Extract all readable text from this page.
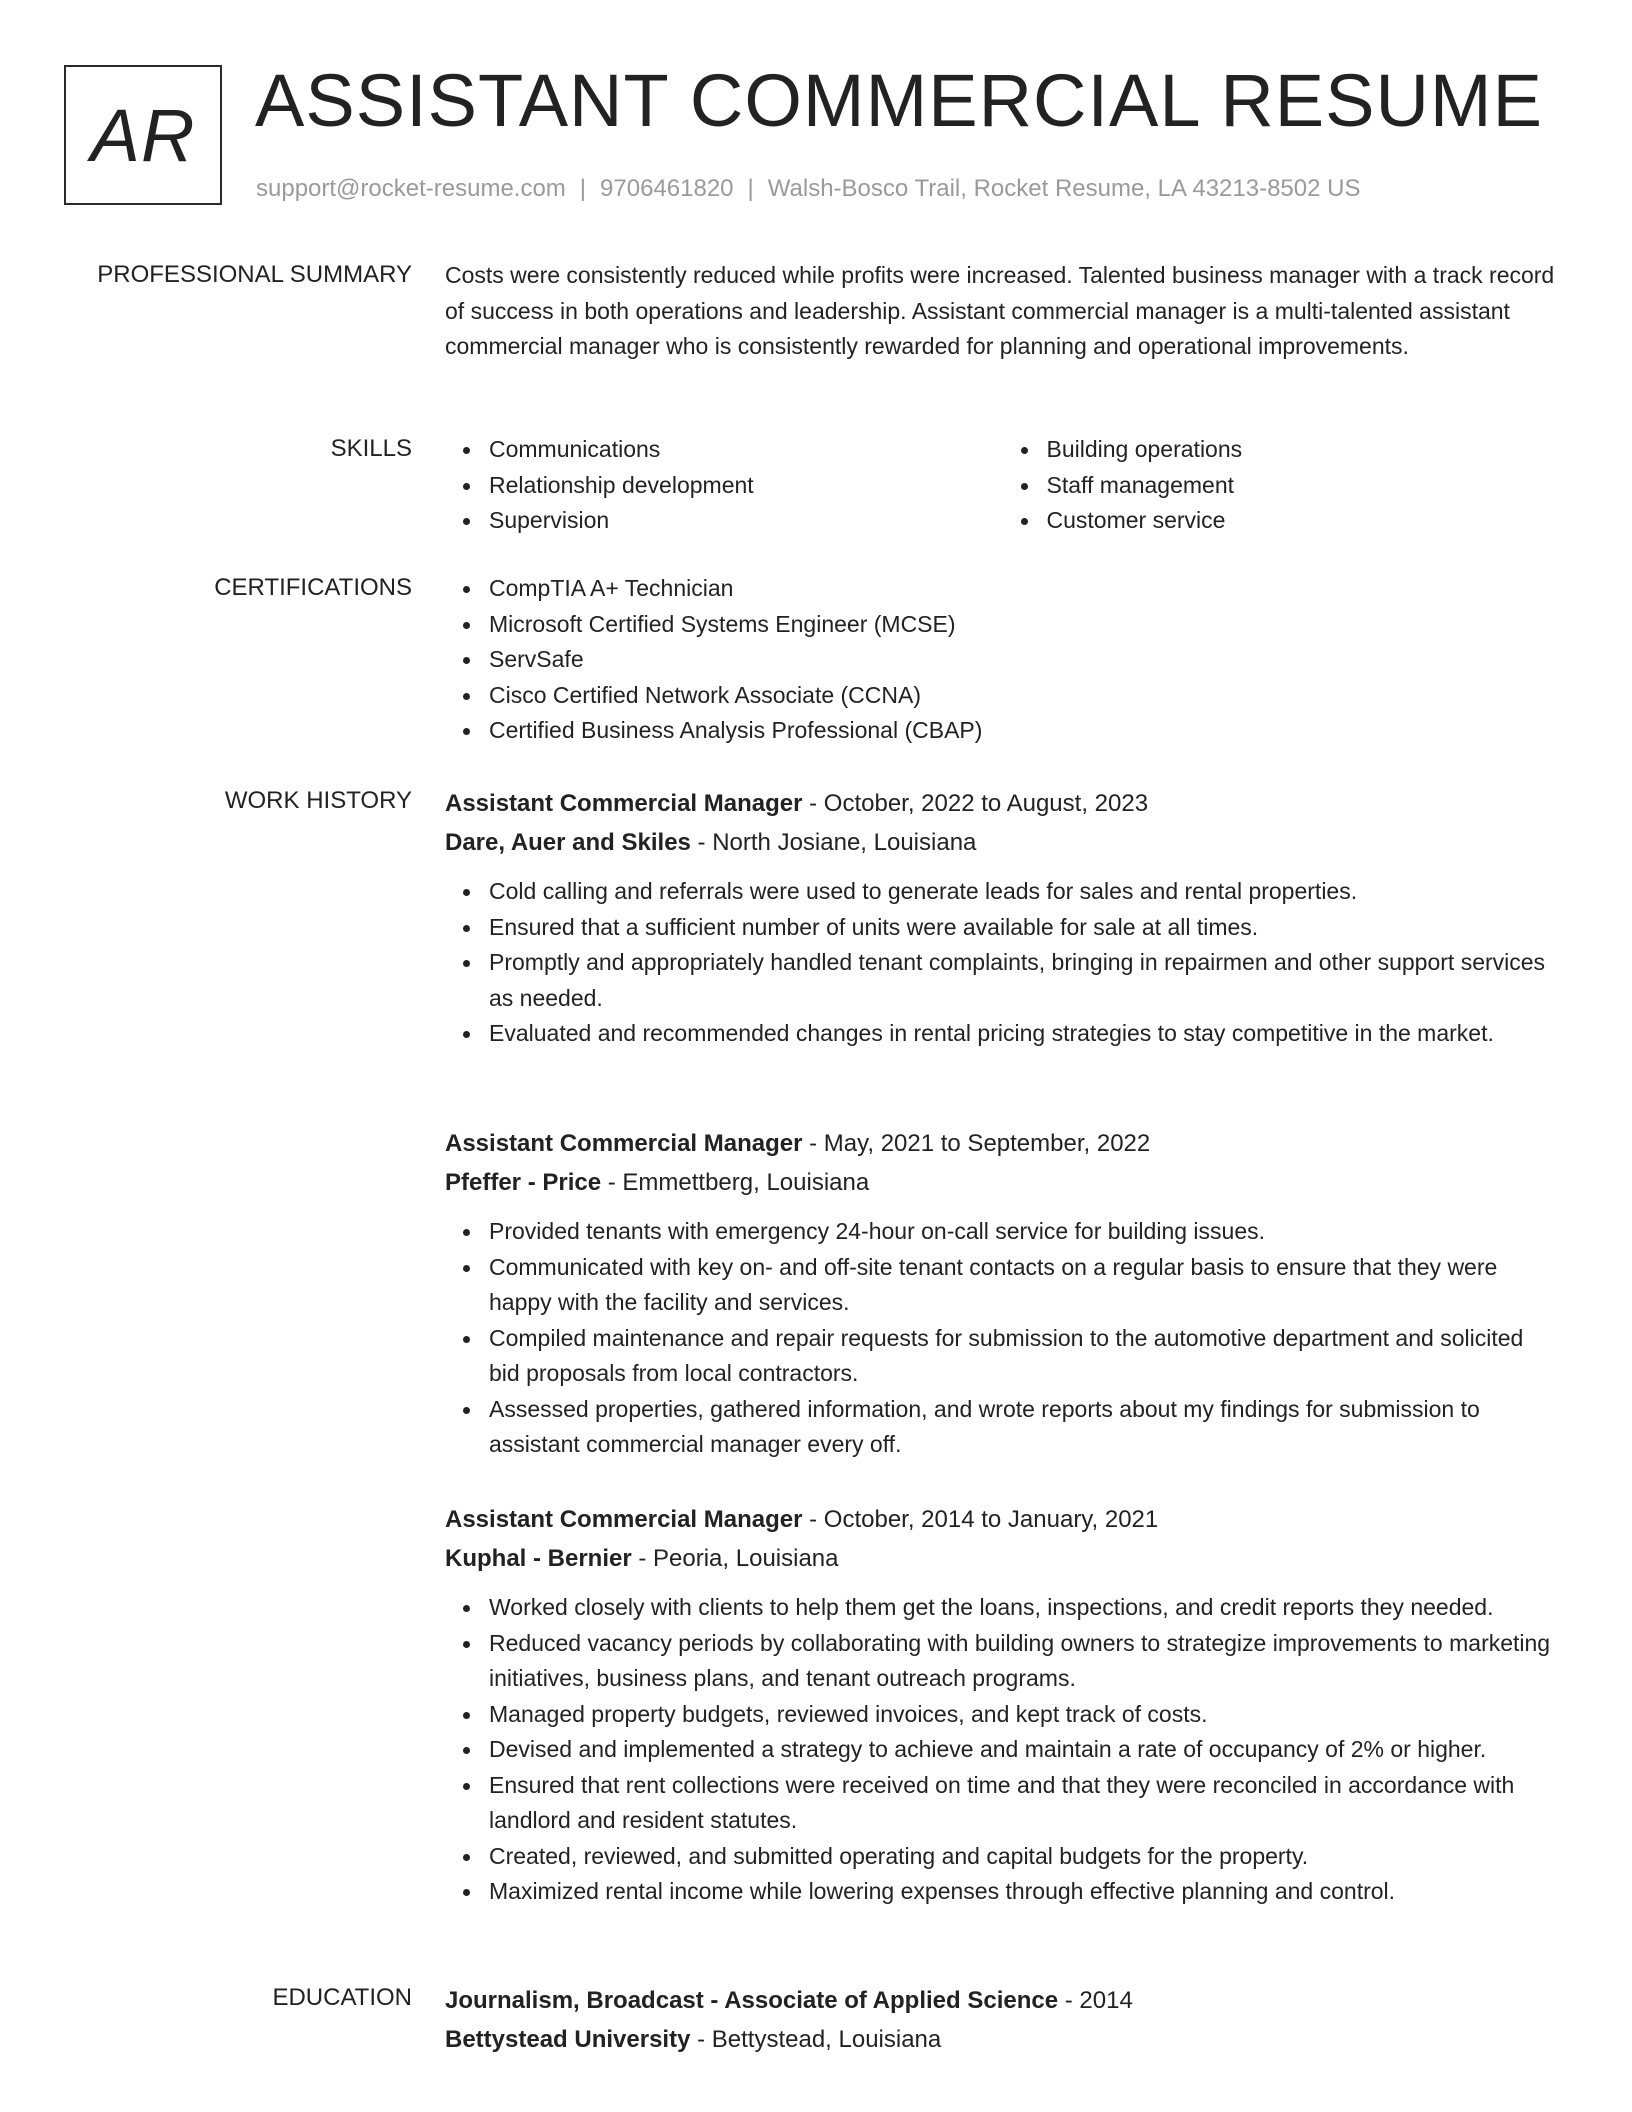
AR ASSISTANT COMMERCIAL RESUME
support@rocket-resume.com | 9706461820 | Walsh-Bosco Trail, Rocket Resume, LA 43213-8502 US
PROFESSIONAL SUMMARY Costs were consistently reduced while profits were increased. Talented business manager with a track record of success in both operations and leadership. Assistant commercial manager is a multi-talented assistant commercial manager who is consistently rewarded for planning and operational improvements.

SKILLS	Communications
Relationship development
Supervision
Building operations
Staff management
Customer service
CERTIFICATIONS	CompTIA A+ Technician
Microsoft Certified Systems Engineer (MCSE)
ServSafe
Cisco Certified Network Associate (CCNA)
Certified Business Analysis Professional (CBAP)
WORK HISTORY Assistant Commercial Manager - October, 2022 to August, 2023
Dare, Auer and Skiles - North Josiane, Louisiana
Cold calling and referrals were used to generate leads for sales and rental properties.
Ensured that a sufficient number of units were available for sale at all times.
Promptly and appropriately handled tenant complaints, bringing in repairmen and other support services as needed.
Evaluated and recommended changes in rental pricing strategies to stay competitive in the market.
Assistant Commercial Manager - May, 2021 to September, 2022
Pfeffer - Price - Emmettberg, Louisiana
Provided tenants with emergency 24-hour on-call service for building issues.
Communicated with key on- and off-site tenant contacts on a regular basis to ensure that they were happy with the facility and services.
Compiled maintenance and repair requests for submission to the automotive department and solicited bid proposals from local contractors.
Assessed properties, gathered information, and wrote reports about my findings for submission to assistant commercial manager every off.
Assistant Commercial Manager - October, 2014 to January, 2021
Kuphal - Bernier - Peoria, Louisiana
Worked closely with clients to help them get the loans, inspections, and credit reports they needed.
Reduced vacancy periods by collaborating with building owners to strategize improvements to marketing initiatives, business plans, and tenant outreach programs.
Managed property budgets, reviewed invoices, and kept track of costs.
Devised and implemented a strategy to achieve and maintain a rate of occupancy of 2% or higher.
Ensured that rent collections were received on time and that they were reconciled in accordance with landlord and resident statutes.
Created, reviewed, and submitted operating and capital budgets for the property.
Maximized rental income while lowering expenses through effective planning and control.
EDUCATION Journalism, Broadcast - Associate of Applied Science - 2014
Bettystead University - Bettystead, Louisiana
